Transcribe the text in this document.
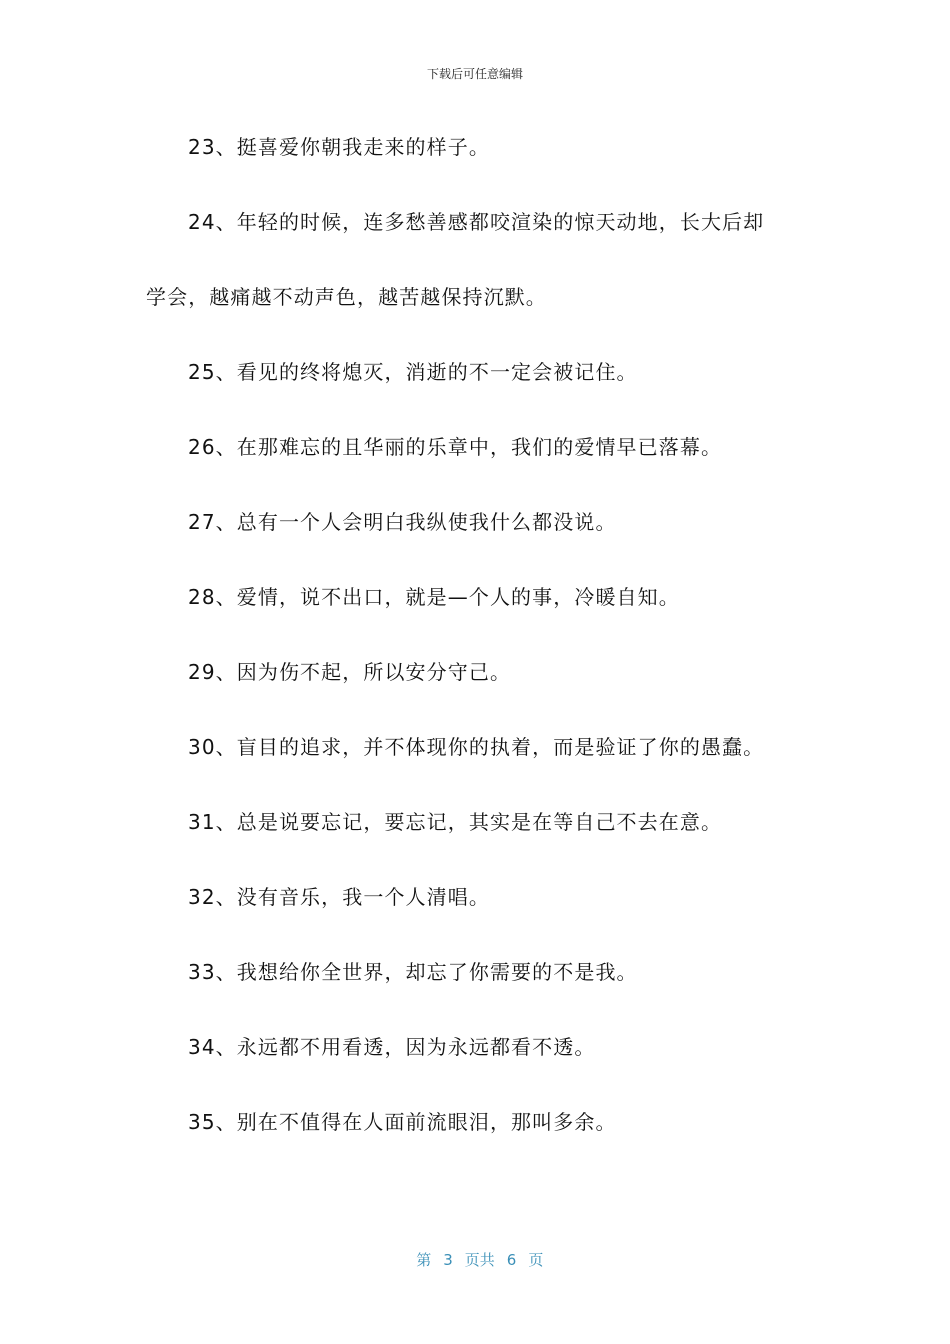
下载后可任意编辑
23、挺喜爱你朝我走来的样子。
24、年轻的时候，连多愁善感都咬渲染的惊天动地，长大后却
学会，越痛越不动声色，越苦越保持沉默。
25、看见的终将熄灭，消逝的不一定会被记住。
26、在那难忘的且华丽的乐章中，我们的爱情早已落幕。
27、总有一个人会明白我纵使我什么都没说。
28、爱情，说不出口，就是—个人的事，冷暖自知。
29、因为伤不起，所以安分守己。
30、盲目的追求，并不体现你的执着，而是验证了你的愚蠢。
31、总是说要忘记，要忘记，其实是在等自己不去在意。
32、没有音乐，我一个人清唱。
33、我想给你全世界，却忘了你需要的不是我。
34、永远都不用看透，因为永远都看不透。
35、别在不值得在人面前流眼泪，那叫多余。

第 3 页共 6 页
